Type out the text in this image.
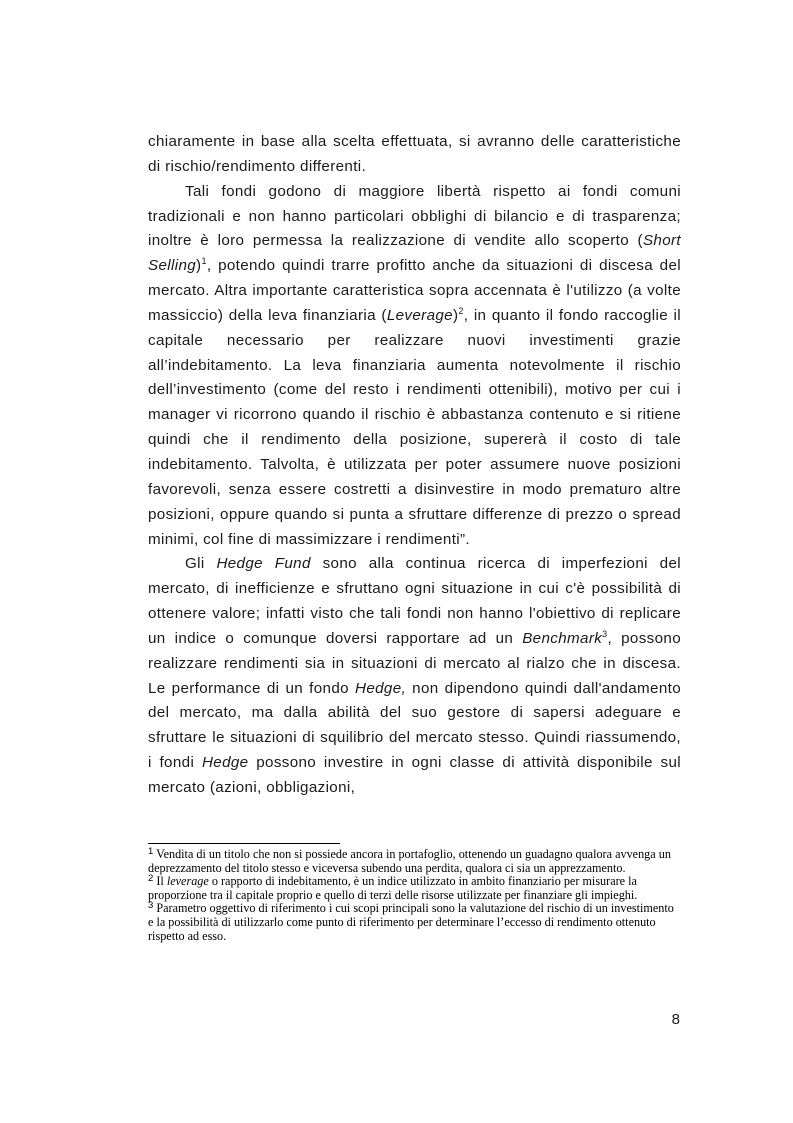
chiaramente in base alla scelta effettuata, si avranno delle caratteristiche di rischio/rendimento differenti.

Tali fondi godono di maggiore libertà rispetto ai fondi comuni tradizionali e non hanno particolari obblighi di bilancio e di trasparenza; inoltre è loro permessa la realizzazione di vendite allo scoperto (Short Selling)$^1$, potendo quindi trarre profitto anche da situazioni di discesa del mercato. Altra importante caratteristica sopra accennata è l'utilizzo (a volte massiccio) della leva finanziaria (Leverage)$^2$, in quanto il fondo raccoglie il capitale necessario per realizzare nuovi investimenti grazie all’indebitamento. La leva finanziaria aumenta notevolmente il rischio dell’investimento (come del resto i rendimenti ottenibili), motivo per cui i manager vi ricorrono quando il rischio è abbastanza contenuto e si ritiene quindi che il rendimento della posizione, supererà il costo di tale indebitamento. Talvolta, è utilizzata per poter assumere nuove posizioni favorevoli, senza essere costretti a disinvestire in modo prematuro altre posizioni, oppure quando si punta a sfruttare differenze di prezzo o spread minimi, col fine di massimizzare i rendimenti”.

Gli Hedge Fund sono alla continua ricerca di imperfezioni del mercato, di inefficienze e sfruttano ogni situazione in cui c'è possibilità di ottenere valore; infatti visto che tali fondi non hanno l'obiettivo di replicare un indice o comunque doversi rapportare ad un Benchmark$^3$, possono realizzare rendimenti sia in situazioni di mercato al rialzo che in discesa. Le performance di un fondo Hedge, non dipendono quindi dall'andamento del mercato, ma dalla abilità del suo gestore di sapersi adeguare e sfruttare le situazioni di squilibrio del mercato stesso. Quindi riassumendo, i fondi Hedge possono investire in ogni classe di attività disponibile sul mercato (azioni, obbligazioni,

$^1$ Vendita di un titolo che non si possiede ancora in portafoglio, ottenendo un guadagno qualora avvenga un deprezzamento del titolo stesso e viceversa subendo una perdita, qualora ci sia un apprezzamento.

$^2$ Il leverage o rapporto di indebitamento, è un indice utilizzato in ambito finanziario per misurare la proporzione tra il capitale proprio e quello di terzi delle risorse utilizzate per finanziare gli impieghi.

$^3$ Parametro oggettivo di riferimento i cui scopi principali sono la valutazione del rischio di un investimento e la possibilità di utilizzarlo come punto di riferimento per determinare l’eccesso di rendimento ottenuto rispetto ad esso.

8
